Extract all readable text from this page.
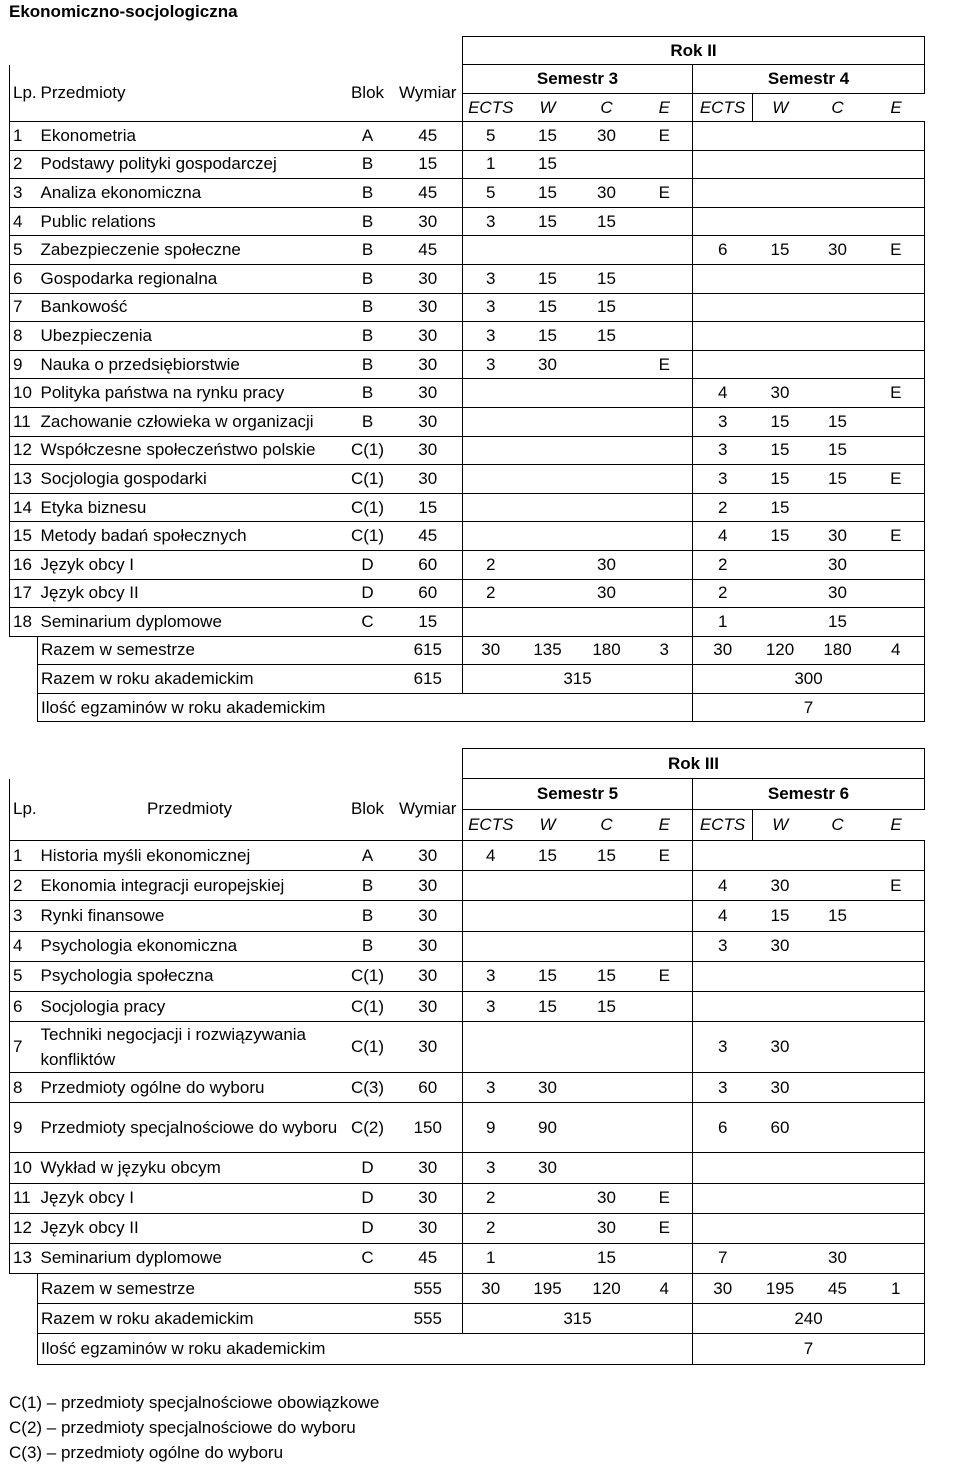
Ekonomiczno-socjologiczna
				Rok II							
Lp.	Przedmioty	Blok	Wymiar	Semestr 3				Semestr 4			
				ECTS	W	C	E	ECTS	W	C	E
1	Ekonometria	A	45	5	15	30	E				
2	Podstawy polityki gospodarczej	B	15	1	15						
3	Analiza ekonomiczna	B	45	5	15	30	E				
4	Public relations	B	30	3	15	15					
5	Zabezpieczenie społeczne	B	45					6	15	30	E
6	Gospodarka regionalna	B	30	3	15	15					
7	Bankowość	B	30	3	15	15					
8	Ubezpieczenia	B	30	3	15	15					
9	Nauka o przedsiębiorstwie	B	30	3	30		E				
10	Polityka państwa na rynku pracy	B	30					4	30		E
11	Zachowanie człowieka w organizacji	B	30					3	15	15	
12	Współczesne społeczeństwo polskie	C(1)	30					3	15	15	
13	Socjologia gospodarki	C(1)	30					3	15	15	E
14	Etyka biznesu	C(1)	15					2	15		
15	Metody badań społecznych	C(1)	45					4	15	30	E
16	Język obcy I	D	60	2		30		2		30	
17	Język obcy II	D	60	2		30		2		30	
18	Seminarium dyplomowe	C	15					1		15	
	Razem w semestrze		615	30	135	180	3	30	120	180	4
	Razem w roku akademickim		615	315				300			
	Ilość egzaminów w roku akademickim							7			
				Rok III							
Lp.	Przedmioty	Blok	Wymiar	Semestr 5				Semestr 6			
				ECTS	W	C	E	ECTS	W	C	E
1	Historia myśli ekonomicznej	A	30	4	15	15	E				
2	Ekonomia integracji europejskiej	B	30					4	30		E
3	Rynki finansowe	B	30					4	15	15	
4	Psychologia ekonomiczna	B	30					3	30		
5	Psychologia społeczna	C(1)	30	3	15	15	E				
6	Socjologia pracy	C(1)	30	3	15	15					
7	Techniki negocjacji i rozwiązywania konfliktów	C(1)	30					3	30		
8	Przedmioty ogólne do wyboru	C(3)	60	3	30			3	30		
9	Przedmioty specjalnościowe do wyboru	C(2)	150	9	90			6	60		
10	Wykład w języku obcym	D	30	3	30						
11	Język obcy I	D	30	2		30	E				
12	Język obcy II	D	30	2		30	E				
13	Seminarium dyplomowe	C	45	1		15		7		30	
	Razem w semestrze		555	30	195	120	4	30	195	45	1
	Razem w roku akademickim		555	315				240			
	Ilość egzaminów w roku akademickim							7			
C(1) – przedmioty specjalnościowe obowiązkowe
C(2) – przedmioty specjalnościowe do wyboru
C(3) – przedmioty ogólne do wyboru
